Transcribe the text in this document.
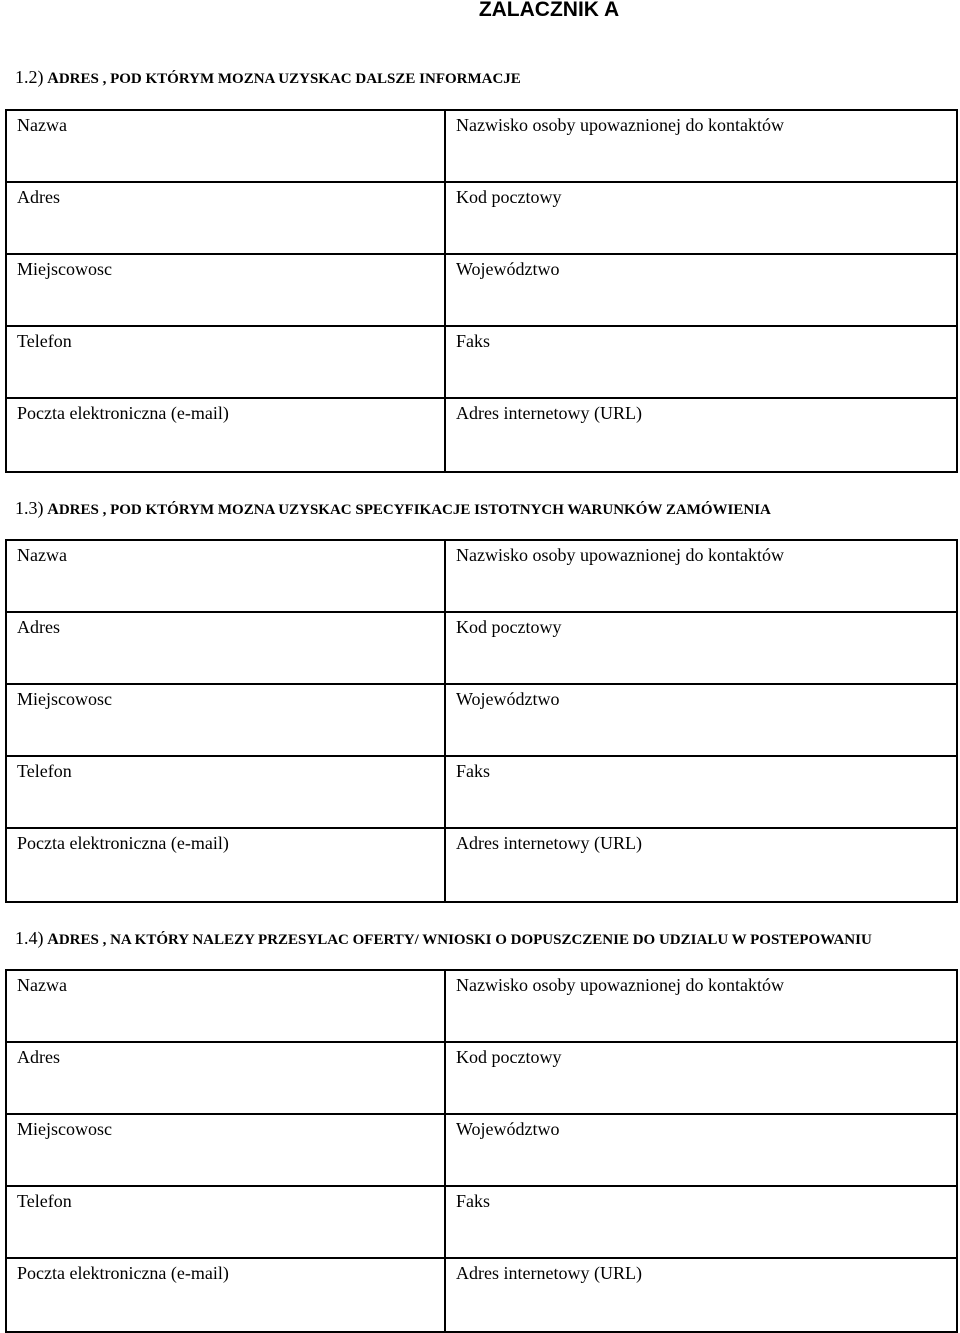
ZALACZNIK A

1.2) ADRES , POD KTÓRYM MOZNA UZYSKAC DALSZE INFORMACJE

Nazwa	Nazwisko osoby upowaznionej do kontaktów
Adres	Kod pocztowy
Miejscowosc	Województwo
Telefon	Faks
Poczta elektroniczna (e-mail)	Adres internetowy (URL)

1.3) ADRES , POD KTÓRYM MOZNA UZYSKAC SPECYFIKACJE ISTOTNYCH WARUNKÓW ZAMÓWIENIA

Nazwa	Nazwisko osoby upowaznionej do kontaktów
Adres	Kod pocztowy
Miejscowosc	Województwo
Telefon	Faks
Poczta elektroniczna (e-mail)	Adres internetowy (URL)

1.4) ADRES , NA KTÓRY NALEZY PRZESYLAC OFERTY/ WNIOSKI O DOPUSZCZENIE DO UDZIALU W POSTEPOWANIU

Nazwa	Nazwisko osoby upowaznionej do kontaktów
Adres	Kod pocztowy
Miejscowosc	Województwo
Telefon	Faks
Poczta elektroniczna (e-mail)	Adres internetowy (URL)
